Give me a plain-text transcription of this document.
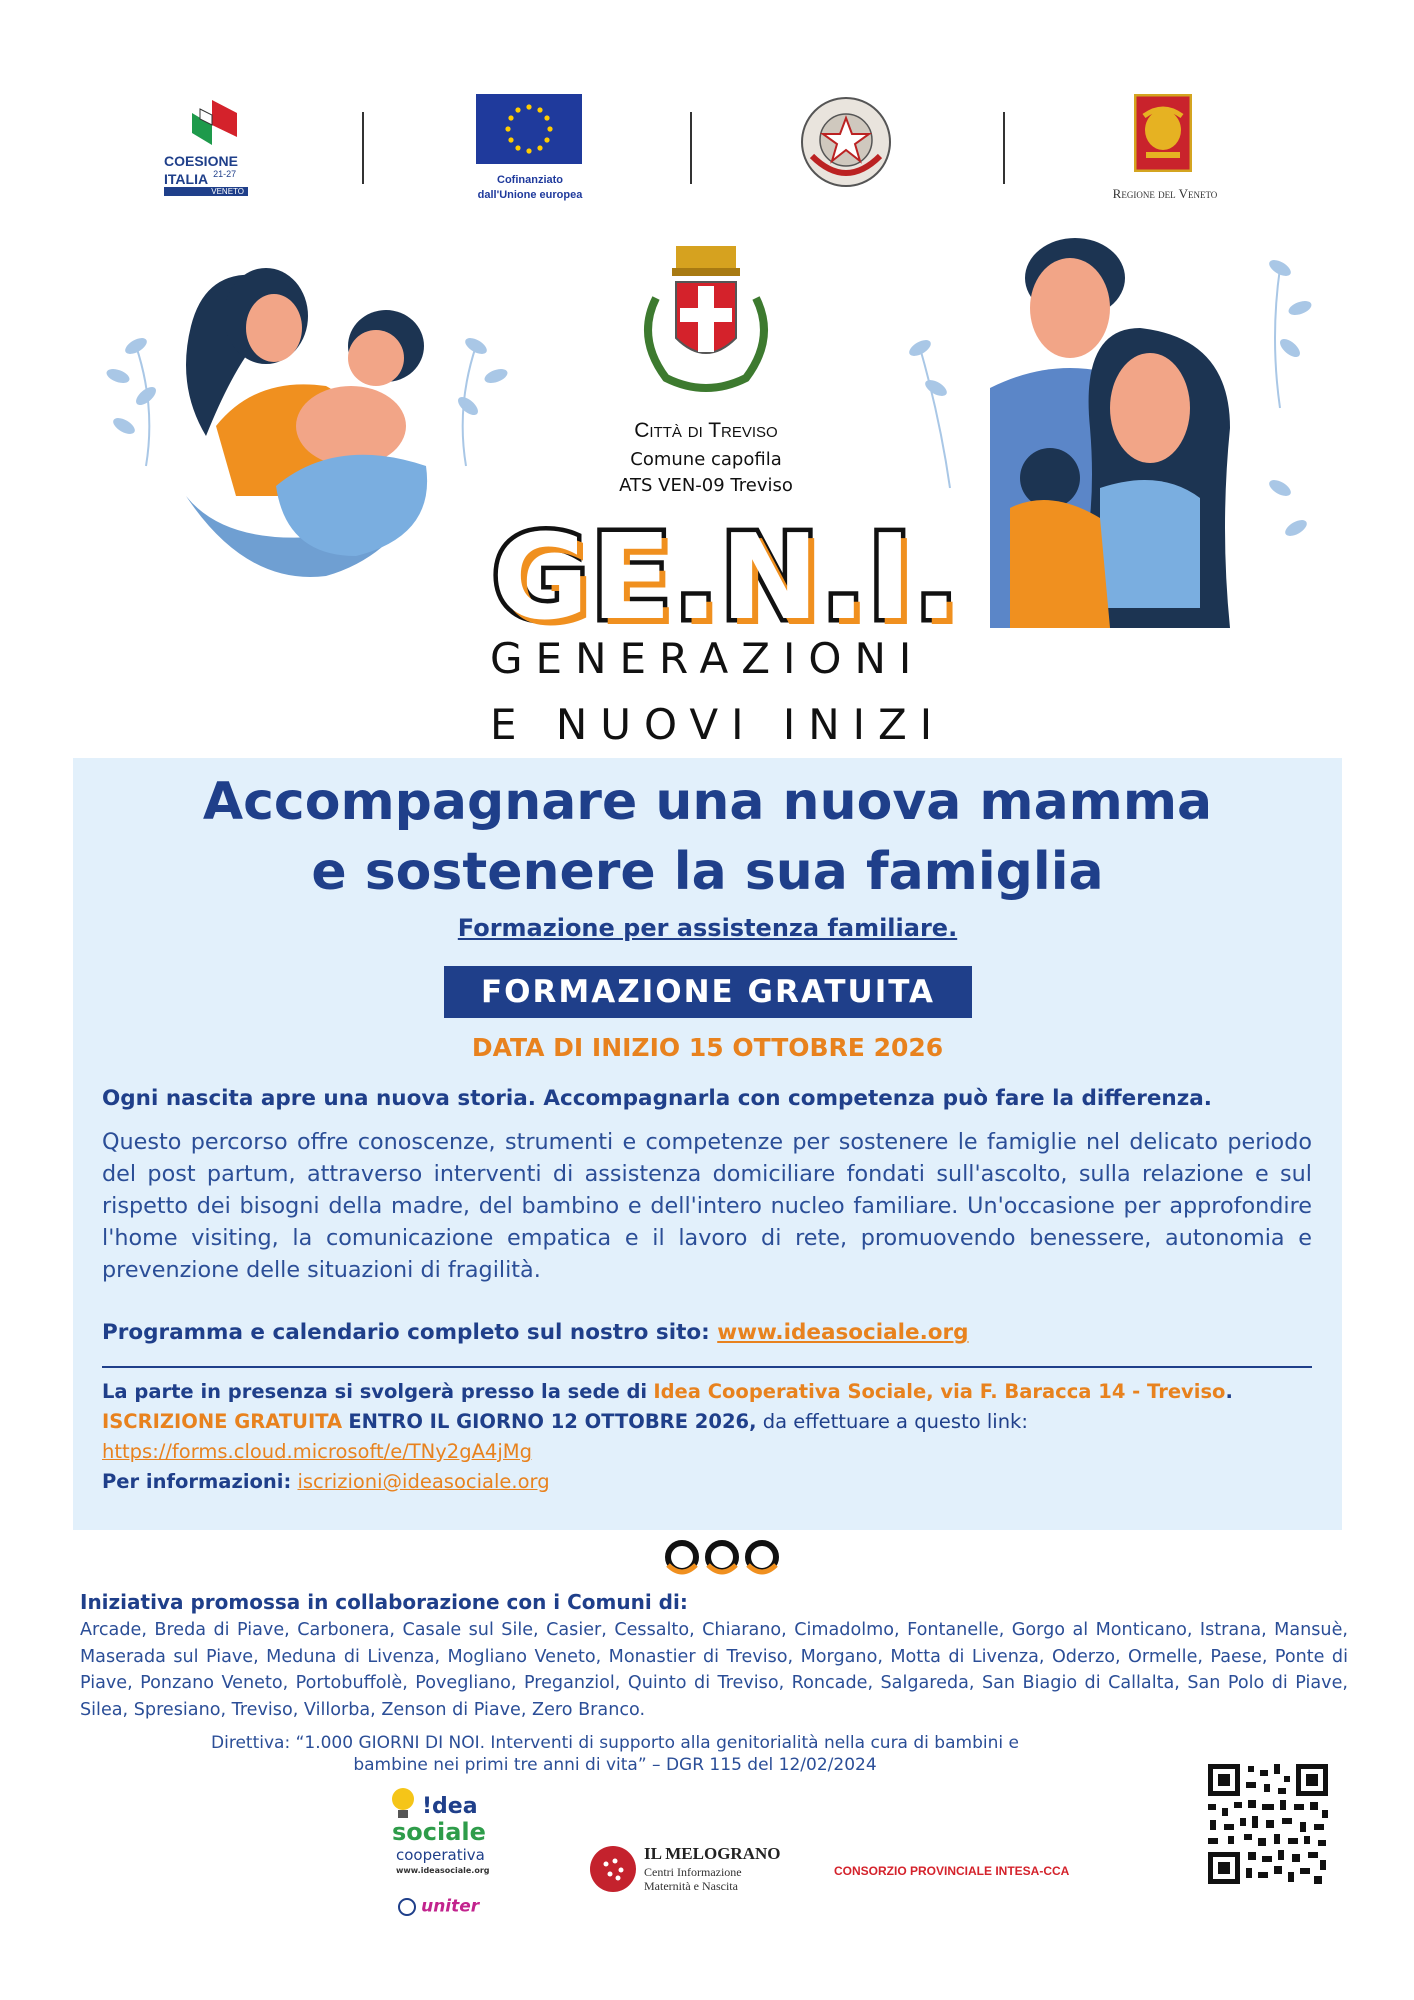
COESIONE
ITALIA $^{21-27}$
VENETO
Cofinanziato
dall'Unione europea	Regione del Veneto
Città di Treviso
Comune capofila
ATS VEN-09 Treviso
GE.N.I.
GENERAZIONI
E NUOVI INIZI
Accompagnare una nuova mamma
e sostenere la sua famiglia
Formazione per assistenza familiare.
FORMAZIONE GRATUITA
DATA DI INIZIO 15 OTTOBRE 2026
Ogni nascita apre una nuova storia. Accompagnarla con competenza può fare la differenza.
Questo percorso offre conoscenze, strumenti e competenze per sostenere le famiglie nel delicato periodo del post partum, attraverso interventi di assistenza domiciliare fondati sull'ascolto, sulla relazione e sul rispetto dei bisogni della madre, del bambino e dell'intero nucleo familiare. Un'occasione per approfondire l'home visiting, la comunicazione empatica e il lavoro di rete, promuovendo benessere, autonomia e prevenzione delle situazioni di fragilità.
Programma e calendario completo sul nostro sito: www.ideasociale.org
La parte in presenza si svolgerà presso la sede di Idea Cooperativa Sociale, via F. Baracca 14 - Treviso.
ISCRIZIONE GRATUITA ENTRO IL GIORNO 12 OTTOBRE 2026, da effettuare a questo link:
https://forms.cloud.microsoft/e/TNy2gA4jMg
Per informazioni: iscrizioni@ideasociale.org
Iniziativa promossa in collaborazione con i Comuni di:
Arcade, Breda di Piave, Carbonera, Casale sul Sile, Casier, Cessalto, Chiarano, Cimadolmo, Fontanelle, Gorgo al Monticano, Istrana, Mansuè, Maserada sul Piave, Meduna di Livenza, Mogliano Veneto, Monastier di Treviso, Morgano, Motta di Livenza, Oderzo, Ormelle, Paese, Ponte di Piave, Ponzano Veneto, Portobuffolè, Povegliano, Preganziol, Quinto di Treviso, Roncade, Salgareda, San Biagio di Callalta, San Polo di Piave, Silea, Spresiano, Treviso, Villorba, Zenson di Piave, Zero Branco.
Direttiva: “1.000 GIORNI DI NOI. Interventi di supporto alla genitorialità nella cura di bambini e
bambine nei primi tre anni di vita” – DGR 115 del 12/02/2024
!dea
sociale
cooperativa
www.ideasociale.org
uniter
IL MELOGRANO
Centri Informazione
Maternità e Nascita
CONSORZIO PROVINCIALE INTESA-CCA
